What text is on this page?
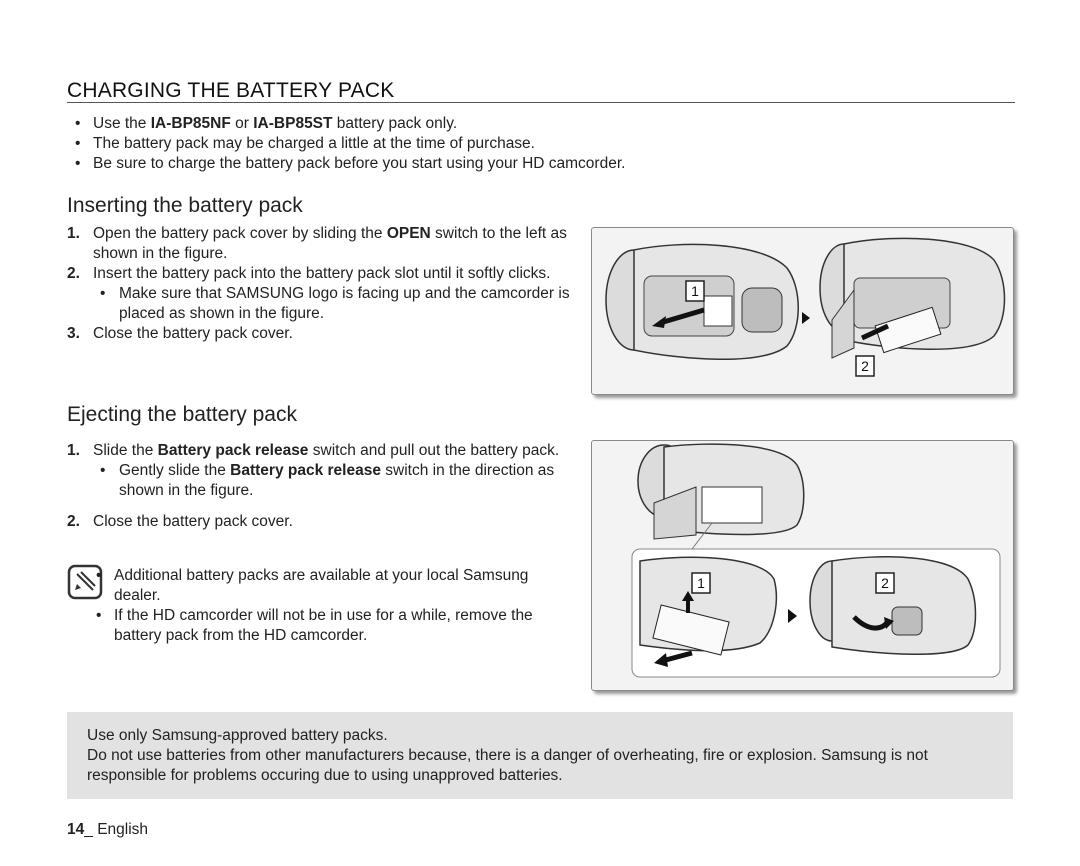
CHARGING THE BATTERY PACK
• Use the IA-BP85NF or IA-BP85ST battery pack only.
• The battery pack may be charged a little at the time of purchase.
• Be sure to charge the battery pack before you start using your HD camcorder.
Inserting the battery pack
1. Open the battery pack cover by sliding the OPEN switch to the left as shown in the figure.
2. Insert the battery pack into the battery pack slot until it softly clicks.
• Make sure that SAMSUNG logo is facing up and the camcorder is placed as shown in the figure.
3. Close the battery pack cover.
1
2
Ejecting the battery pack
1. Slide the Battery pack release switch and pull out the battery pack.
• Gently slide the Battery pack release switch in the direction as shown in the figure.
2. Close the battery pack cover.
• Additional battery packs are available at your local Samsung dealer.
• If the HD camcorder will not be in use for a while, remove the battery pack from the HD camcorder.
1	2
Use only Samsung-approved battery packs.
Do not use batteries from other manufacturers because, there is a danger of overheating, fire or explosion. Samsung is not responsible for problems occuring due to using unapproved batteries.
14_ English
